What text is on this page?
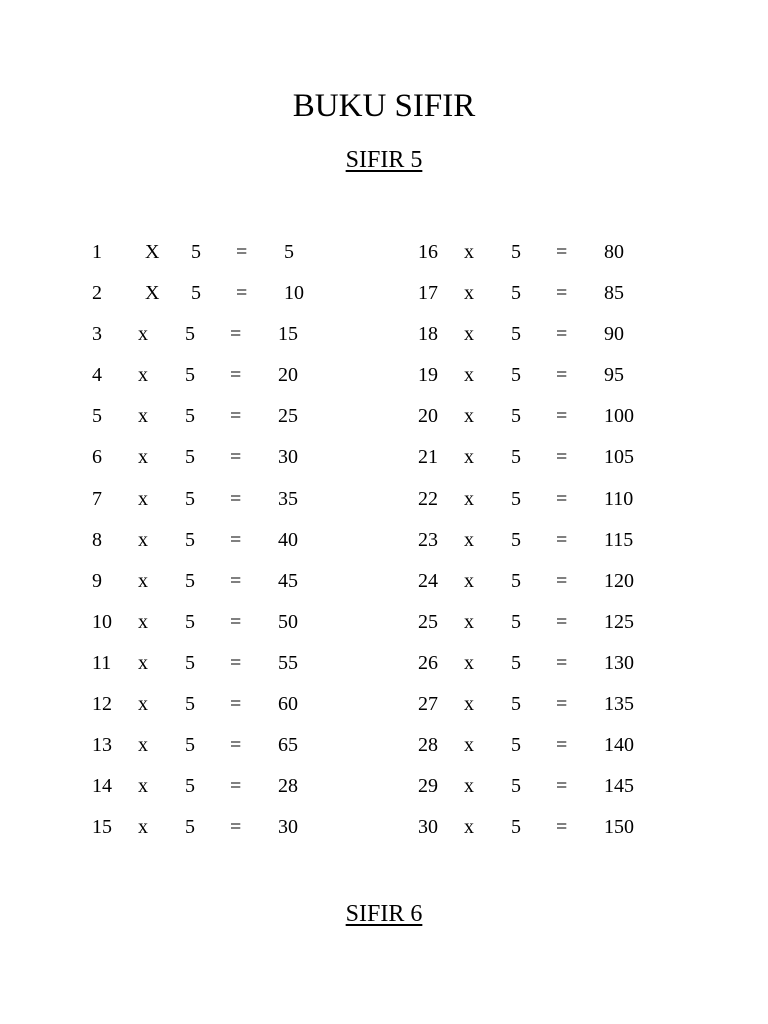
BUKU SIFIR
SIFIR 5
1 X 5 = 5
2 X 5 = 10
3 x 5 = 15
4 x 5 = 20
5 x 5 = 25
6 x 5 = 30
7 x 5 = 35
8 x 5 = 40
9 x 5 = 45
10 x 5 = 50
11 x 5 = 55
12 x 5 = 60
13 x 5 = 65
14 x 5 = 28
15 x 5 = 30
16 x 5 = 80
17 x 5 = 85
18 x 5 = 90
19 x 5 = 95
20 x 5 = 100
21 x 5 = 105
22 x 5 = 110
23 x 5 = 115
24 x 5 = 120
25 x 5 = 125
26 x 5 = 130
27 x 5 = 135
28 x 5 = 140
29 x 5 = 145
30 x 5 = 150
SIFIR 6
